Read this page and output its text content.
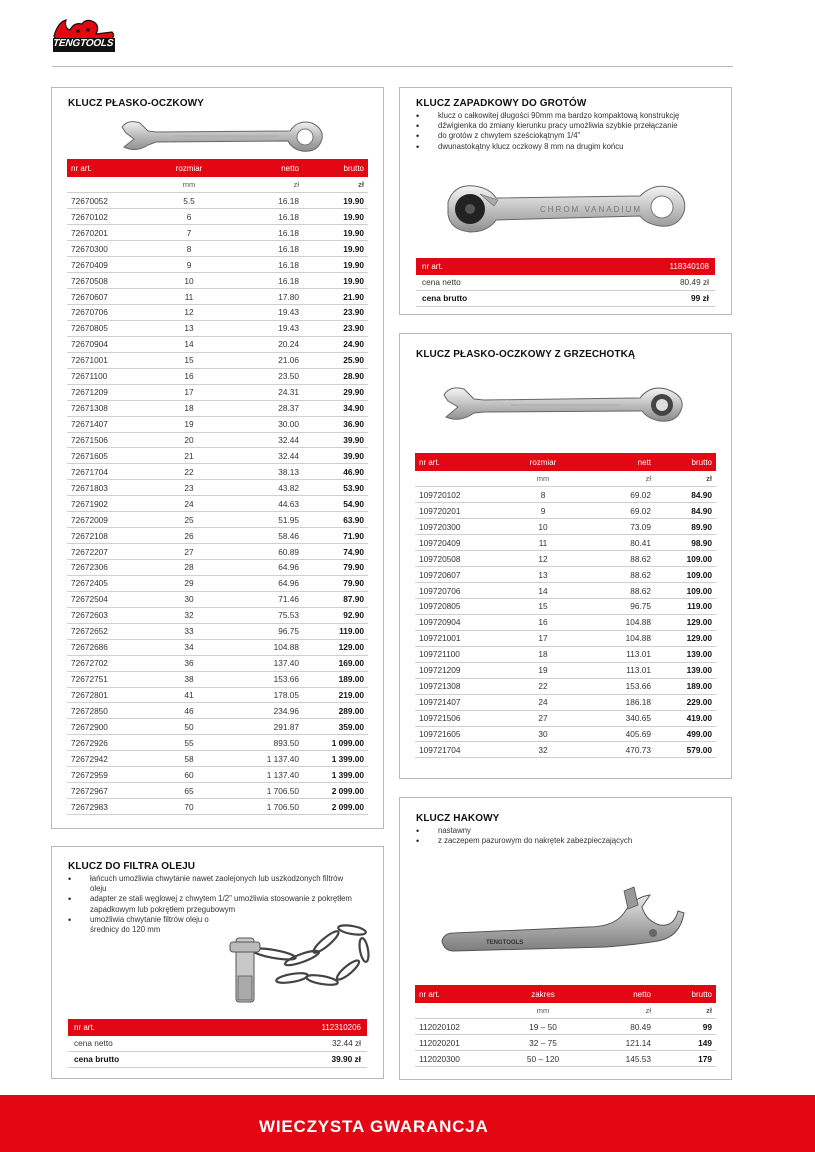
TENGTOOLS
KLUCZ PŁASKO-OCZKOWY
nr art.	rozmiar	netto	brutto
	mm	zł	zł
72670052	5.5	16.18	19.90
72670102	6	16.18	19.90
72670201	7	16.18	19.90
72670300	8	16.18	19.90
72670409	9	16.18	19.90
72670508	10	16.18	19.90
72670607	11	17.80	21.90
72670706	12	19.43	23.90
72670805	13	19.43	23.90
72670904	14	20.24	24.90
72671001	15	21.06	25.90
72671100	16	23.50	28.90
72671209	17	24.31	29.90
72671308	18	28.37	34.90
72671407	19	30.00	36.90
72671506	20	32.44	39.90
72671605	21	32.44	39.90
72671704	22	38.13	46.90
72671803	23	43.82	53.90
72671902	24	44.63	54.90
72672009	25	51.95	63.90
72672108	26	58.46	71.90
72672207	27	60.89	74.90
72672306	28	64.96	79.90
72672405	29	64.96	79.90
72672504	30	71.46	87.90
72672603	32	75.53	92.90
72672652	33	96.75	119.00
72672686	34	104.88	129.00
72672702	36	137.40	169.00
72672751	38	153.66	189.00
72672801	41	178.05	219.00
72672850	46	234.96	289.00
72672900	50	291.87	359.00
72672926	55	893.50	1 099.00
72672942	58	1 137.40	1 399.00
72672959	60	1 137.40	1 399.00
72672967	65	1 706.50	2 099.00
72672983	70	1 706.50	2 099.00
KLUCZ ZAPADKOWY DO GROTÓW
• klucz o całkowitej długości 90mm ma bardzo kompaktową konstrukcję
• dźwigienka do zmiany kierunku pracy umożliwia szybkie przełączanie
• do grotów z chwytem sześciokątnym 1/4"
• dwunastokątny klucz oczkowy 8 mm na drugim końcu
CHROM VANADIUM
nr art.	118340108
cena netto	80.49 zł
cena brutto	99 zł
KLUCZ PŁASKO-OCZKOWY Z GRZECHOTKĄ
nr art.	rozmiar	nett	brutto
	mm	zł	zł
109720102	8	69.02	84.90
109720201	9	69.02	84.90
109720300	10	73.09	89.90
109720409	11	80.41	98.90
109720508	12	88.62	109.00
109720607	13	88.62	109.00
109720706	14	88.62	109.00
109720805	15	96.75	119.00
109720904	16	104.88	129.00
109721001	17	104.88	129.00
109721100	18	113.01	139.00
109721209	19	113.01	139.00
109721308	22	153.66	189.00
109721407	24	186.18	229.00
109721506	27	340.65	419.00
109721605	30	405.69	499.00
109721704	32	470.73	579.00
KLUCZ DO FILTRA OLEJU
• łańcuch umożliwia chwytanie nawet zaolejonych lub uszkodzonych filtrów oleju
• adapter ze stali węglowej z chwytem 1/2" umożliwia stosowanie z pokrętłem zapadkowym lub pokrętłem przegubowym
• umożliwia chwytanie filtrów oleju o średnicy do 120 mm
nr art.	112310206
cena netto	32.44 zł
cena brutto	39.90 zł
KLUCZ HAKOWY
• nastawny
• z zaczepem pazurowym do nakrętek zabezpieczających
TENGTOOLS
nr art.	zakres	netto	brutto
	mm	zł	zł
112020102	19 – 50	80.49	99
112020201	32 – 75	121.14	149
112020300	50 – 120	145.53	179
WIECZYSTA GWARANCJA
